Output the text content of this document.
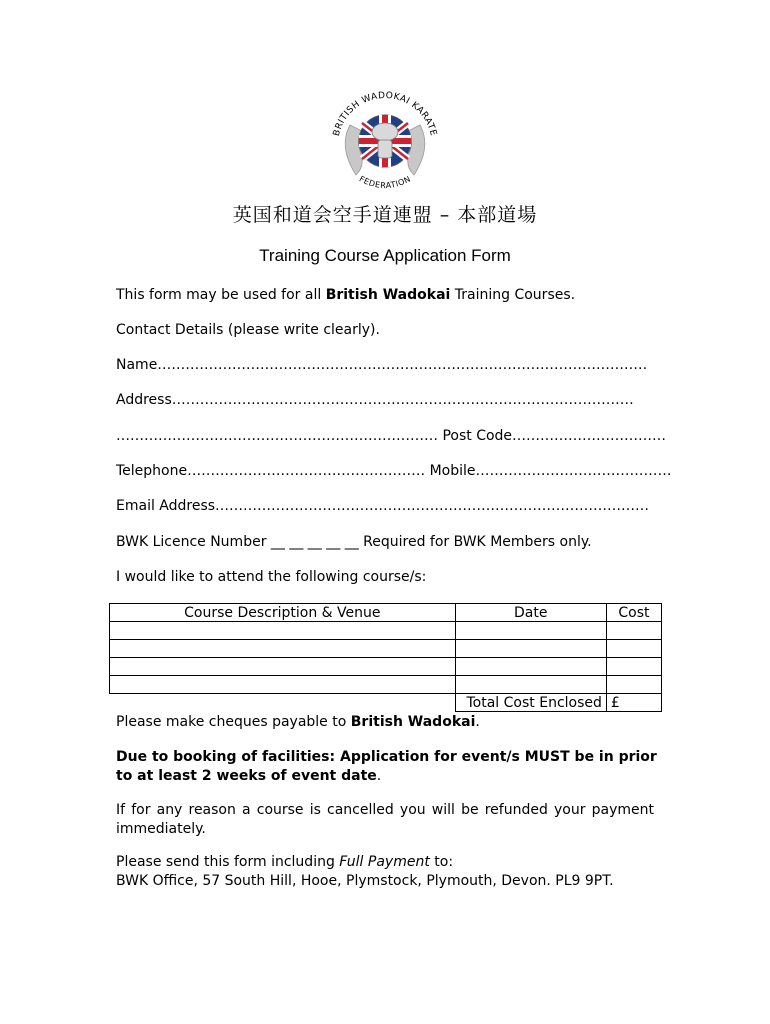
BRITISH WADOKAI KARATE
FEDERATION
英国和道会空手道連盟 – 本部道場
Training Course Application Form
This form may be used for all British Wadokai Training Courses.
Contact Details (please write clearly).
Name……………………………………………………………………………………………
Address………………………………………………………………………………………
…………………………………………………………… Post Code……………………………
Telephone…………………………………………… Mobile……………………………………
Email Address…………………………………………………………………………………
BWK Licence Number __ __ __ __ __ Required for BWK Members only.
I would like to attend the following course/s:
Course Description & Venue	Date	Cost

	Total Cost Enclosed	£
Please make cheques payable to British Wadokai.
Due to booking of facilities: Application for event/s MUST be in prior to at least 2 weeks of event date.
If for any reason a course is cancelled you will be refunded your payment immediately.
Please send this form including Full Payment to:
BWK Office, 57 South Hill, Hooe, Plymstock, Plymouth, Devon. PL9 9PT.
